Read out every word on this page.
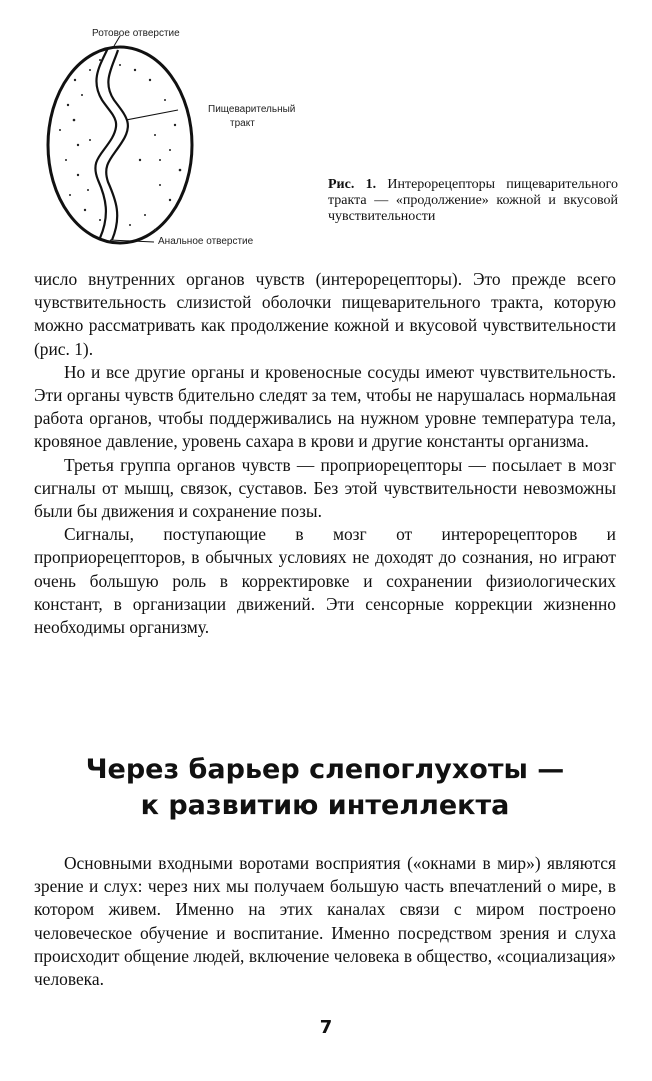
Ротовое отверстие
Пищеварительный
тракт
Анальное отверстие
Рис. 1. Интерорецепторы пищеварительного тракта — «продолжение» кожной и вкусовой чувствительности

число внутренних органов чувств (интерорецепторы). Это прежде всего чувствительность слизистой оболочки пищеварительного тракта, которую можно рассматривать как продолжение кожной и вкусовой чувствительности (рис. 1).

Но и все другие органы и кровеносные сосуды имеют чувствительность. Эти органы чувств бдительно следят за тем, чтобы не нарушалась нормальная работа органов, чтобы поддерживались на нужном уровне температура тела, кровяное давление, уровень сахара в крови и другие константы организма.

Третья группа органов чувств — проприорецепторы — посылает в мозг сигналы от мышц, связок, суставов. Без этой чувствительности невозможны были бы движения и сохранение позы.

Сигналы, поступающие в мозг от интерорецепторов и проприорецепторов, в обычных условиях не доходят до сознания, но играют очень большую роль в корректировке и сохранении физиологических констант, в организации движений. Эти сенсорные коррекции жизненно необходимы организму.

Через барьер слепоглухоты —
к развитию интеллекта

Основными входными воротами восприятия («окнами в мир») являются зрение и слух: через них мы получаем большую часть впечатлений о мире, в котором живем. Именно на этих каналах связи с миром построено человеческое обучение и воспитание. Именно посредством зрения и слуха происходит общение людей, включение человека в общество, «социализация» человека.

7
